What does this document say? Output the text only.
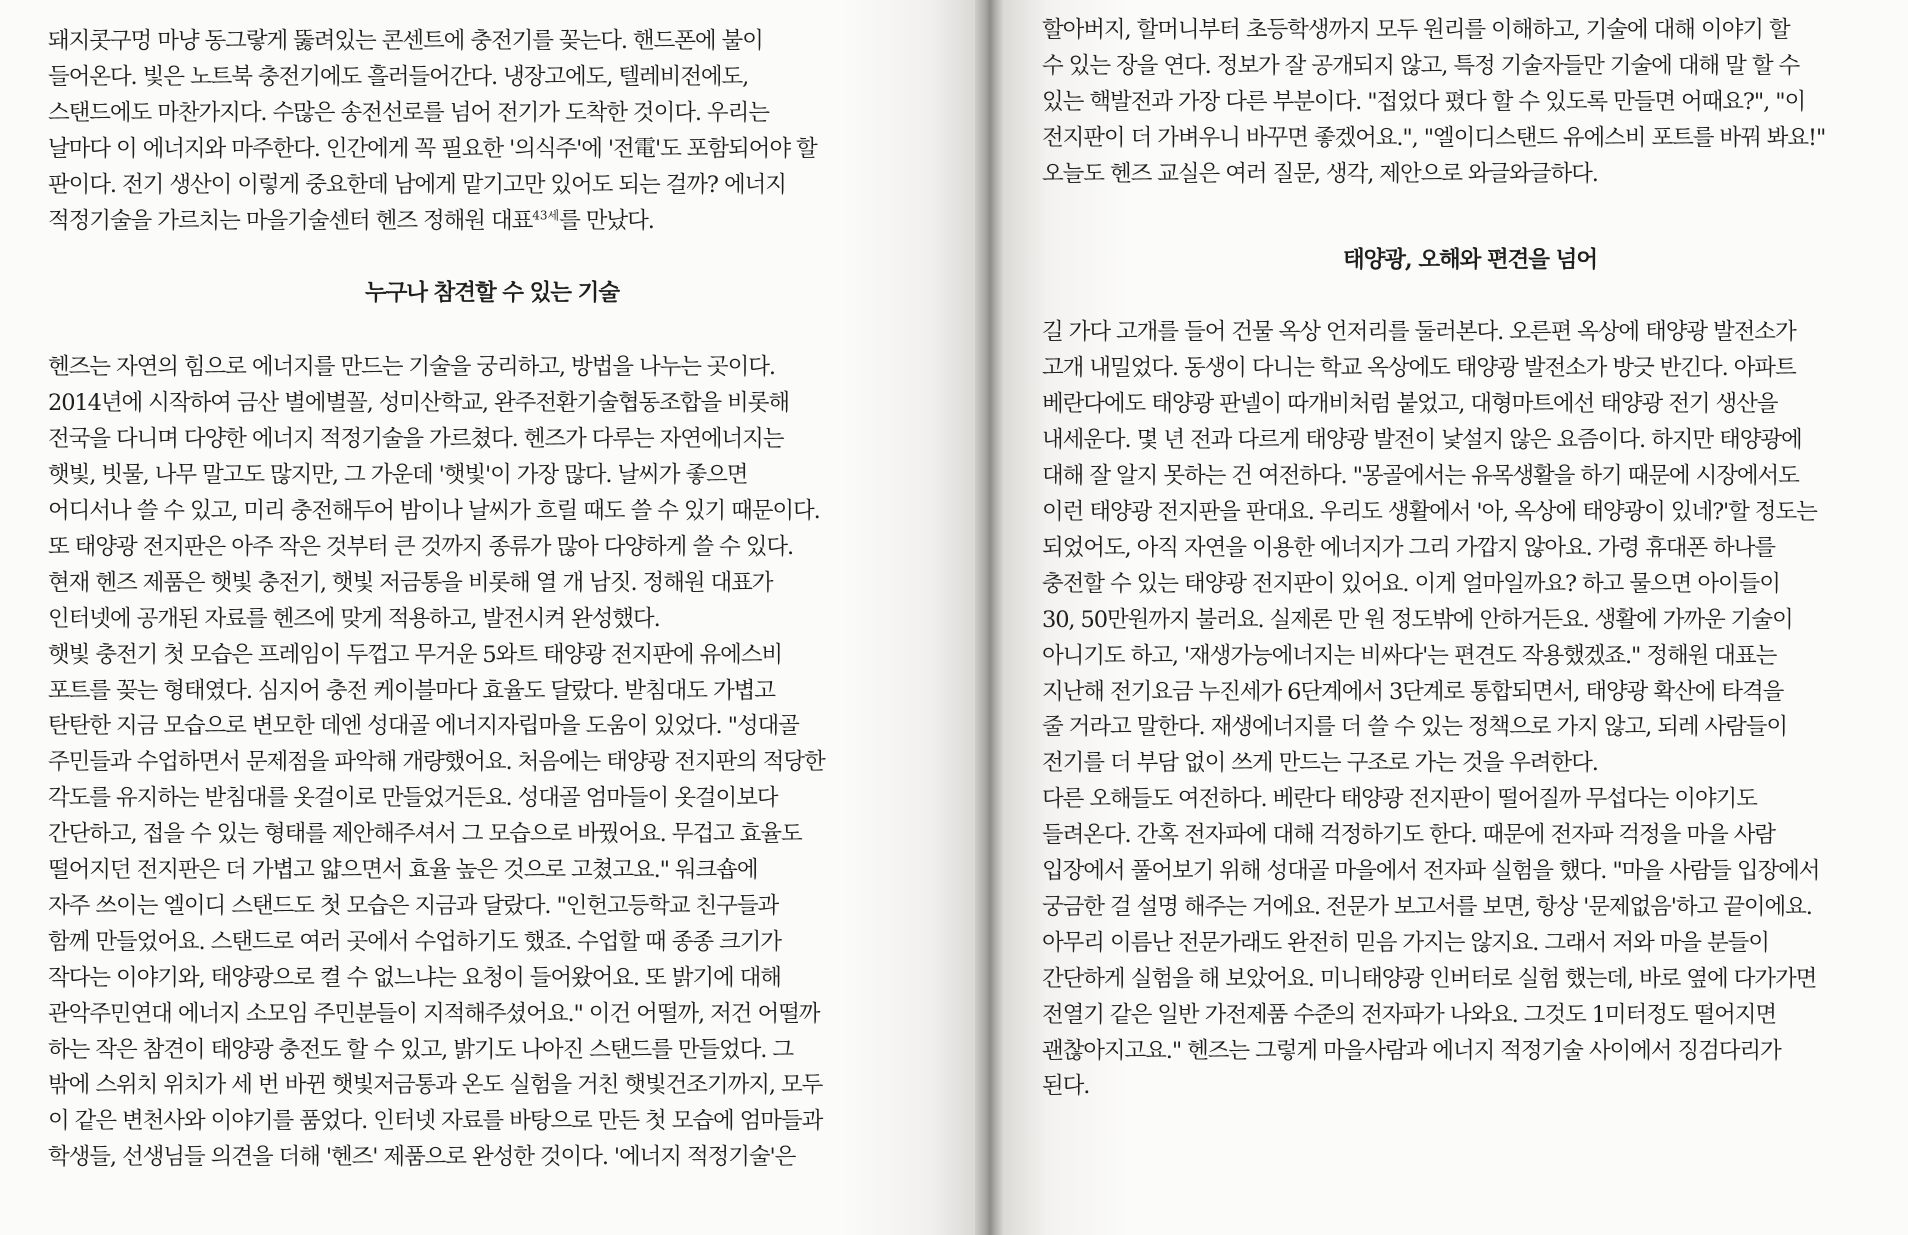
돼지콧구멍 마냥 동그랗게 뚫려있는 콘센트에 충전기를 꽂는다. 핸드폰에 불이
들어온다. 빛은 노트북 충전기에도 흘러들어간다. 냉장고에도, 텔레비전에도,
스탠드에도 마찬가지다. 수많은 송전선로를 넘어 전기가 도착한 것이다. 우리는
날마다 이 에너지와 마주한다. 인간에게 꼭 필요한 '의식주'에 '전電'도 포함되어야 할
판이다. 전기 생산이 이렇게 중요한데 남에게 맡기고만 있어도 되는 걸까? 에너지
적정기술을 가르치는 마을기술센터 헨즈 정해원 대표$^{43세}$를 만났다.

누구나 참견할 수 있는 기술

헨즈는 자연의 힘으로 에너지를 만드는 기술을 궁리하고, 방법을 나누는 곳이다.
2014년에 시작하여 금산 별에별꼴, 성미산학교, 완주전환기술협동조합을 비롯해
전국을 다니며 다양한 에너지 적정기술을 가르쳤다. 헨즈가 다루는 자연에너지는
햇빛, 빗물, 나무 말고도 많지만, 그 가운데 '햇빛'이 가장 많다. 날씨가 좋으면
어디서나 쓸 수 있고, 미리 충전해두어 밤이나 날씨가 흐릴 때도 쓸 수 있기 때문이다.
또 태양광 전지판은 아주 작은 것부터 큰 것까지 종류가 많아 다양하게 쓸 수 있다.
현재 헨즈 제품은 햇빛 충전기, 햇빛 저금통을 비롯해 열 개 남짓. 정해원 대표가
인터넷에 공개된 자료를 헨즈에 맞게 적용하고, 발전시켜 완성했다.
햇빛 충전기 첫 모습은 프레임이 두껍고 무거운 5와트 태양광 전지판에 유에스비
포트를 꽂는 형태였다. 심지어 충전 케이블마다 효율도 달랐다. 받침대도 가볍고
탄탄한 지금 모습으로 변모한 데엔 성대골 에너지자립마을 도움이 있었다. "성대골
주민들과 수업하면서 문제점을 파악해 개량했어요. 처음에는 태양광 전지판의 적당한
각도를 유지하는 받침대를 옷걸이로 만들었거든요. 성대골 엄마들이 옷걸이보다
간단하고, 접을 수 있는 형태를 제안해주셔서 그 모습으로 바꿨어요. 무겁고 효율도
떨어지던 전지판은 더 가볍고 얇으면서 효율 높은 것으로 고쳤고요." 워크숍에
자주 쓰이는 엘이디 스탠드도 첫 모습은 지금과 달랐다. "인헌고등학교 친구들과
함께 만들었어요. 스탠드로 여러 곳에서 수업하기도 했죠. 수업할 때 종종 크기가
작다는 이야기와, 태양광으로 켤 수 없느냐는 요청이 들어왔어요. 또 밝기에 대해
관악주민연대 에너지 소모임 주민분들이 지적해주셨어요." 이건 어떨까, 저건 어떨까
하는 작은 참견이 태양광 충전도 할 수 있고, 밝기도 나아진 스탠드를 만들었다. 그
밖에 스위치 위치가 세 번 바뀐 햇빛저금통과 온도 실험을 거친 햇빛건조기까지, 모두
이 같은 변천사와 이야기를 품었다. 인터넷 자료를 바탕으로 만든 첫 모습에 엄마들과
학생들, 선생님들 의견을 더해 '헨즈' 제품으로 완성한 것이다. '에너지 적정기술'은

할아버지, 할머니부터 초등학생까지 모두 원리를 이해하고, 기술에 대해 이야기 할
수 있는 장을 연다. 정보가 잘 공개되지 않고, 특정 기술자들만 기술에 대해 말 할 수
있는 핵발전과 가장 다른 부분이다. "접었다 폈다 할 수 있도록 만들면 어때요?", "이
전지판이 더 가벼우니 바꾸면 좋겠어요.", "엘이디스탠드 유에스비 포트를 바꿔 봐요!"
오늘도 헨즈 교실은 여러 질문, 생각, 제안으로 와글와글하다.

태양광, 오해와 편견을 넘어

길 가다 고개를 들어 건물 옥상 언저리를 둘러본다. 오른편 옥상에 태양광 발전소가
고개 내밀었다. 동생이 다니는 학교 옥상에도 태양광 발전소가 방긋 반긴다. 아파트
베란다에도 태양광 판넬이 따개비처럼 붙었고, 대형마트에선 태양광 전기 생산을
내세운다. 몇 년 전과 다르게 태양광 발전이 낯설지 않은 요즘이다. 하지만 태양광에
대해 잘 알지 못하는 건 여전하다. "몽골에서는 유목생활을 하기 때문에 시장에서도
이런 태양광 전지판을 판대요. 우리도 생활에서 '아, 옥상에 태양광이 있네?'할 정도는
되었어도, 아직 자연을 이용한 에너지가 그리 가깝지 않아요. 가령 휴대폰 하나를
충전할 수 있는 태양광 전지판이 있어요. 이게 얼마일까요? 하고 물으면 아이들이
30, 50만원까지 불러요. 실제론 만 원 정도밖에 안하거든요. 생활에 가까운 기술이
아니기도 하고, '재생가능에너지는 비싸다'는 편견도 작용했겠죠." 정해원 대표는
지난해 전기요금 누진세가 6단계에서 3단계로 통합되면서, 태양광 확산에 타격을
줄 거라고 말한다. 재생에너지를 더 쓸 수 있는 정책으로 가지 않고, 되레 사람들이
전기를 더 부담 없이 쓰게 만드는 구조로 가는 것을 우려한다.
다른 오해들도 여전하다. 베란다 태양광 전지판이 떨어질까 무섭다는 이야기도
들려온다. 간혹 전자파에 대해 걱정하기도 한다. 때문에 전자파 걱정을 마을 사람
입장에서 풀어보기 위해 성대골 마을에서 전자파 실험을 했다. "마을 사람들 입장에서
궁금한 걸 설명 해주는 거에요. 전문가 보고서를 보면, 항상 '문제없음'하고 끝이에요.
아무리 이름난 전문가래도 완전히 믿음 가지는 않지요. 그래서 저와 마을 분들이
간단하게 실험을 해 보았어요. 미니태양광 인버터로 실험 했는데, 바로 옆에 다가가면
전열기 같은 일반 가전제품 수준의 전자파가 나와요. 그것도 1미터정도 떨어지면
괜찮아지고요." 헨즈는 그렇게 마을사람과 에너지 적정기술 사이에서 징검다리가
된다.
